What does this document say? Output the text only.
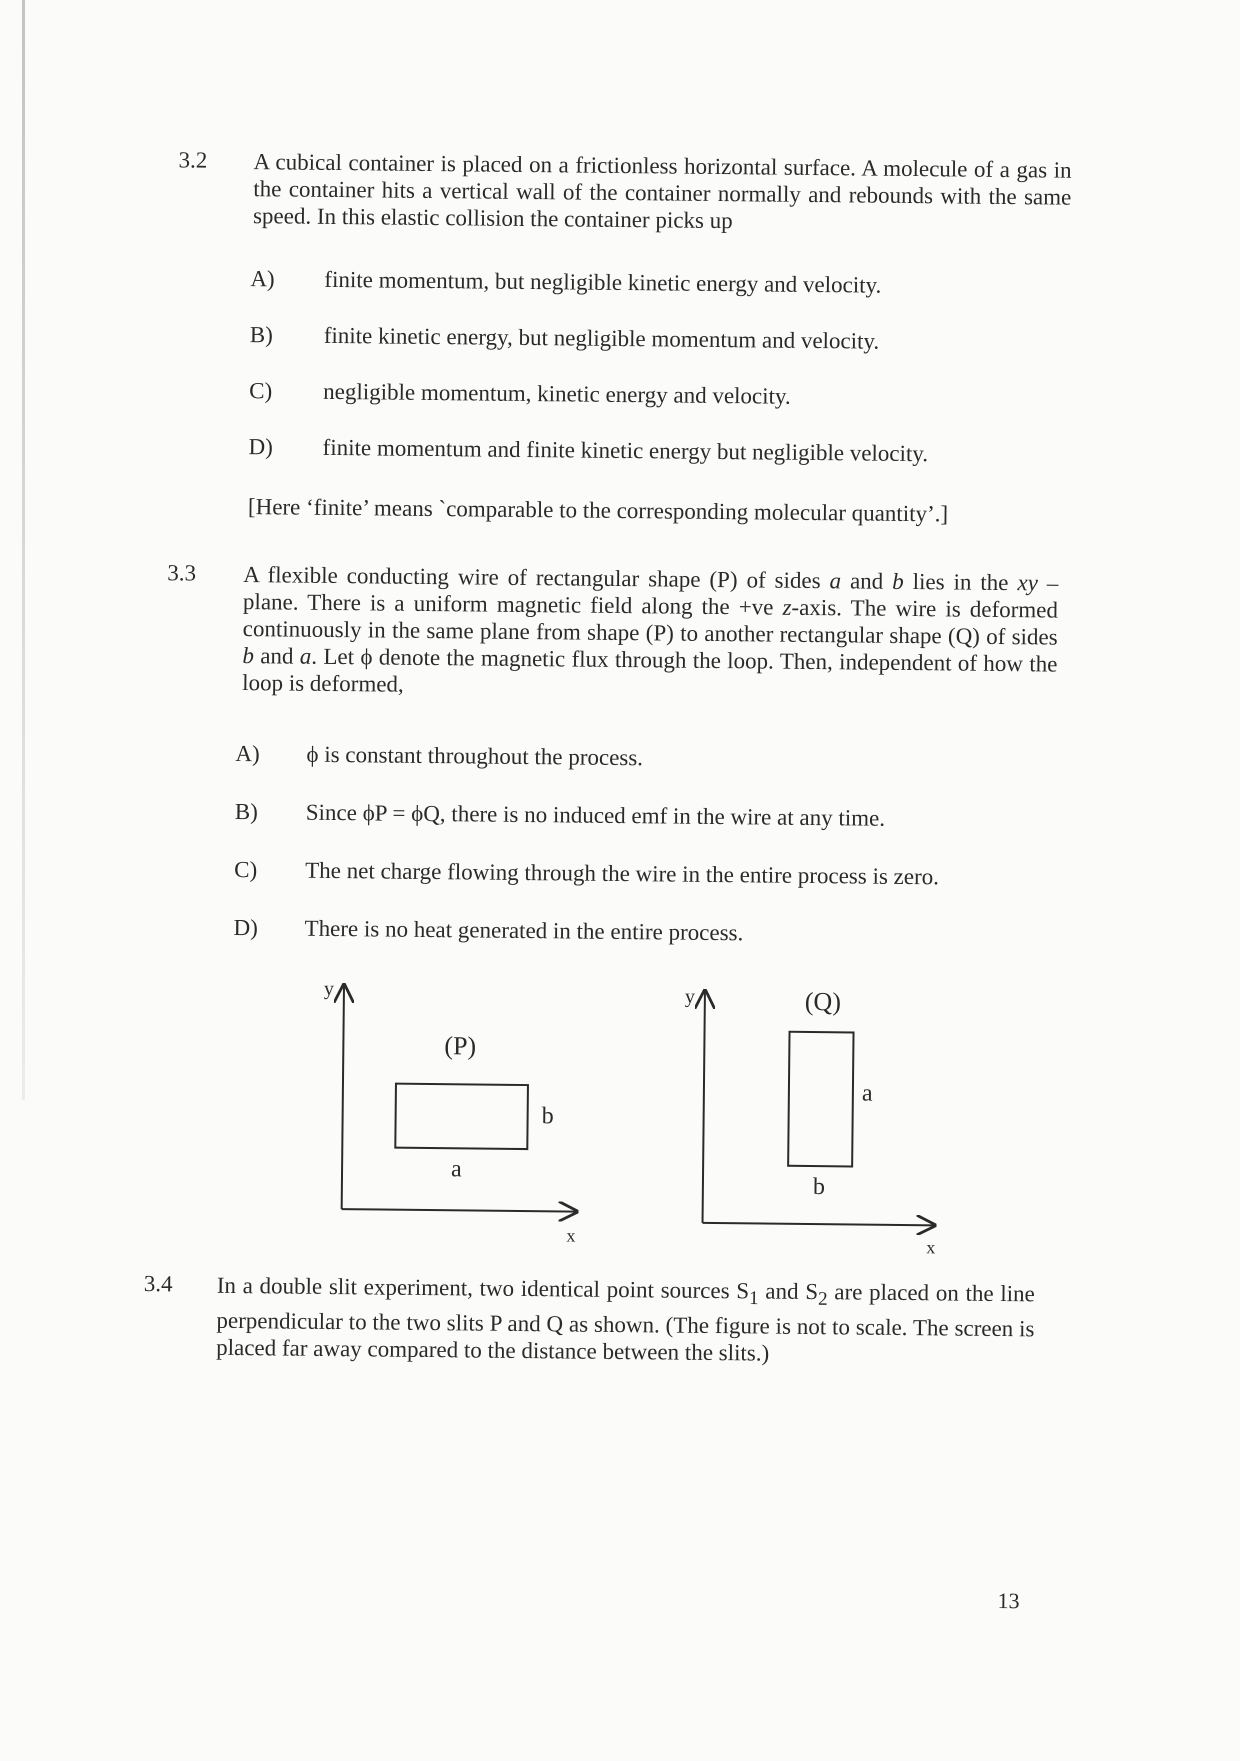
3.2 A cubical container is placed on a frictionless horizontal surface. A molecule of a gas in the container hits a vertical wall of the container normally and rebounds with the same speed. In this elastic collision the container picks up
A) finite momentum, but negligible kinetic energy and velocity.
B) finite kinetic energy, but negligible momentum and velocity.
C) negligible momentum, kinetic energy and velocity.
D) finite momentum and finite kinetic energy but negligible velocity.
[Here ‘finite’ means `comparable to the corresponding molecular quantity’.]
3.3 A flexible conducting wire of rectangular shape (P) of sides a and b lies in the xy – plane. There is a uniform magnetic field along the +ve z-axis. The wire is deformed continuously in the same plane from shape (P) to another rectangular shape (Q) of sides b and a. Let ϕ denote the magnetic flux through the loop. Then, independent of how the loop is deformed,
A) ϕ is constant throughout the process.
B) Since ϕP = ϕQ, there is no induced emf in the wire at any time.
C) The net charge flowing through the wire in the entire process is zero.
D) There is no heat generated in the entire process.
y
x
(P)
a
b
y
x
(Q)
b
a
3.4 In a double slit experiment, two identical point sources $S_1$ and $S_2$ are placed on the line perpendicular to the two slits P and Q as shown. (The figure is not to scale. The screen is placed far away compared to the distance between the slits.)
13
